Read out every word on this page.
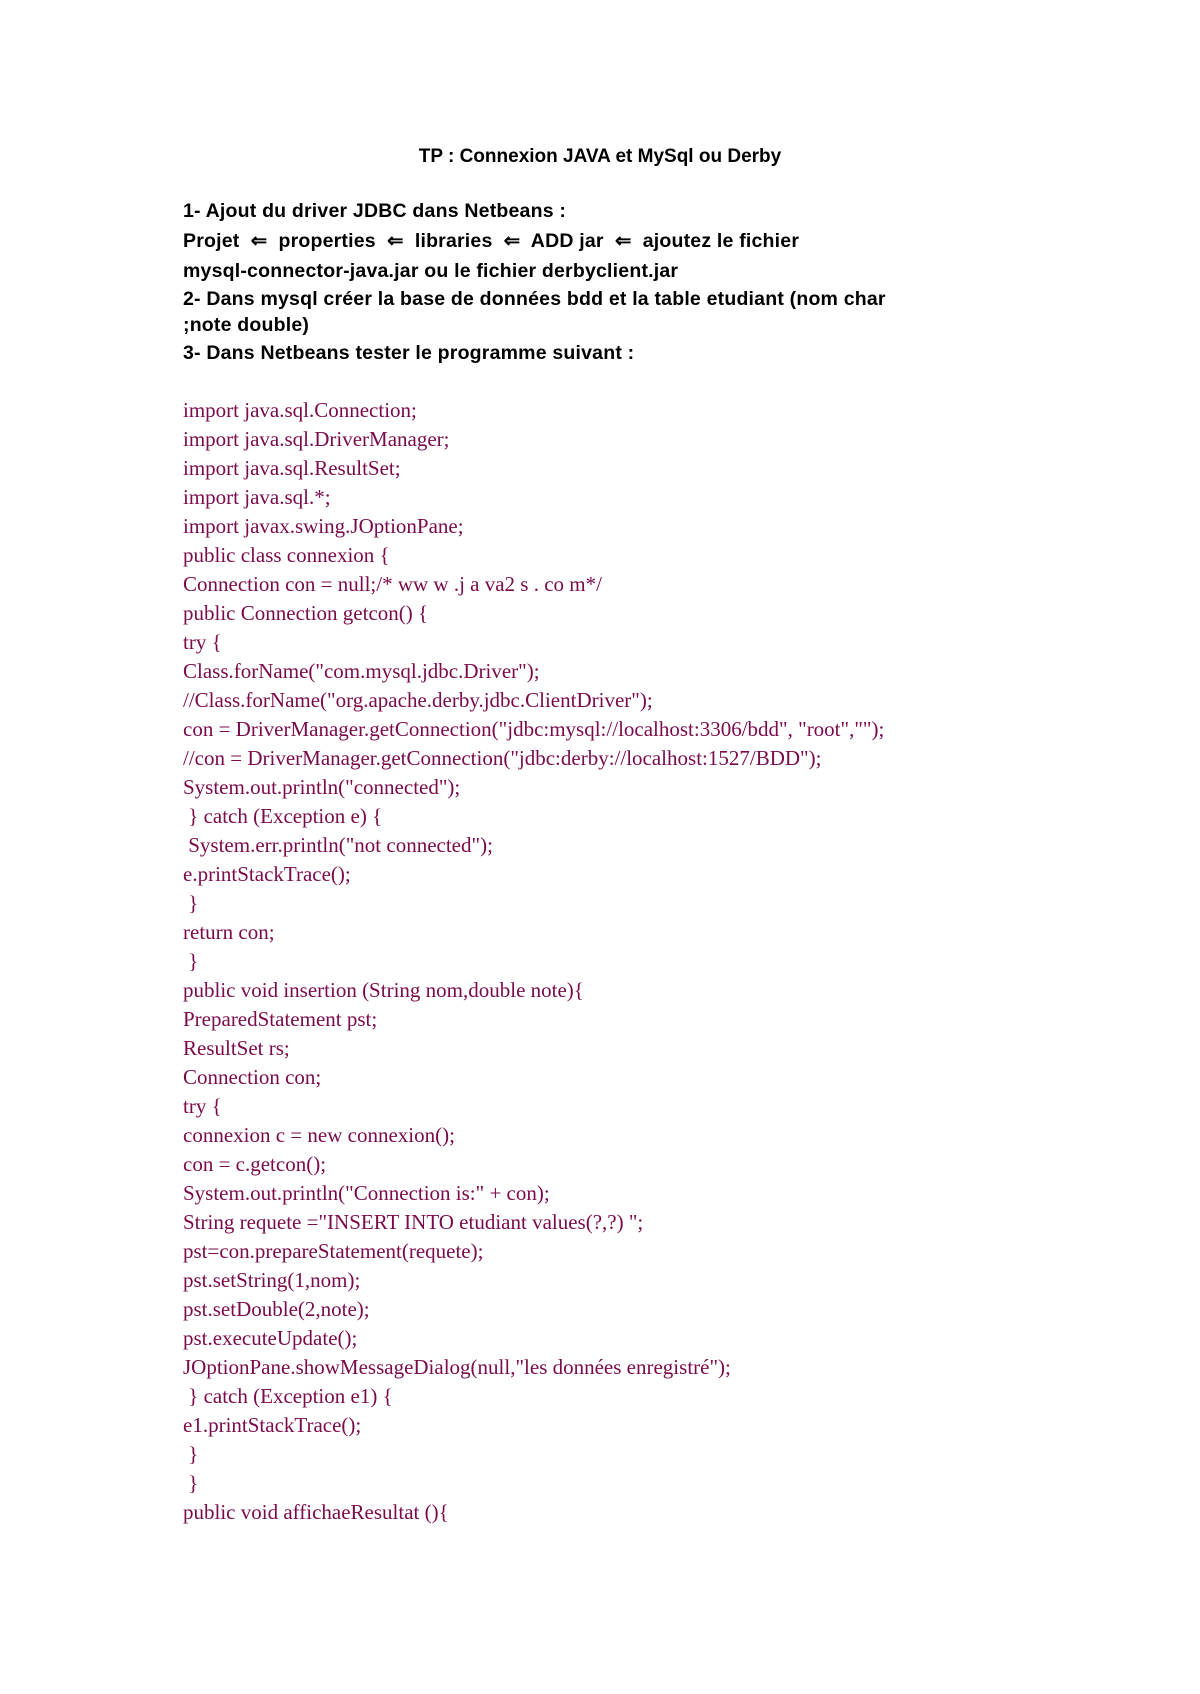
TP : Connexion JAVA et MySql ou Derby

1- Ajout du driver JDBC dans Netbeans :

Projet  ⇐  properties  ⇐  libraries  ⇐  ADD jar  ⇐  ajoutez le fichier

mysql-connector-java.jar ou le fichier derbyclient.jar

2- Dans mysql créer la base de données bdd et la table etudiant (nom char

;note double)

3- Dans Netbeans tester le programme suivant :

import java.sql.Connection;
import java.sql.DriverManager;
import java.sql.ResultSet;
import java.sql.*;
import javax.swing.JOptionPane;
public class connexion {
Connection con = null;/* ww w .j a va2 s . co m*/
public Connection getcon() {
try {
Class.forName("com.mysql.jdbc.Driver");
//Class.forName("org.apache.derby.jdbc.ClientDriver");
con = DriverManager.getConnection("jdbc:mysql://localhost:3306/bdd", "root","");
//con = DriverManager.getConnection("jdbc:derby://localhost:1527/BDD");
System.out.println("connected");
} catch (Exception e) {
System.err.println("not connected");
e.printStackTrace();
}
return con;
}
public void insertion (String nom,double note){
PreparedStatement pst;
ResultSet rs;
Connection con;
try {
connexion c = new connexion();
con = c.getcon();
System.out.println("Connection is:" + con);
String requete ="INSERT INTO etudiant values(?,?) ";
pst=con.prepareStatement(requete);
pst.setString(1,nom);
pst.setDouble(2,note);
pst.executeUpdate();
JOptionPane.showMessageDialog(null,"les données enregistré");
} catch (Exception e1) {
e1.printStackTrace();
}
}
public void affichaeResultat (){
